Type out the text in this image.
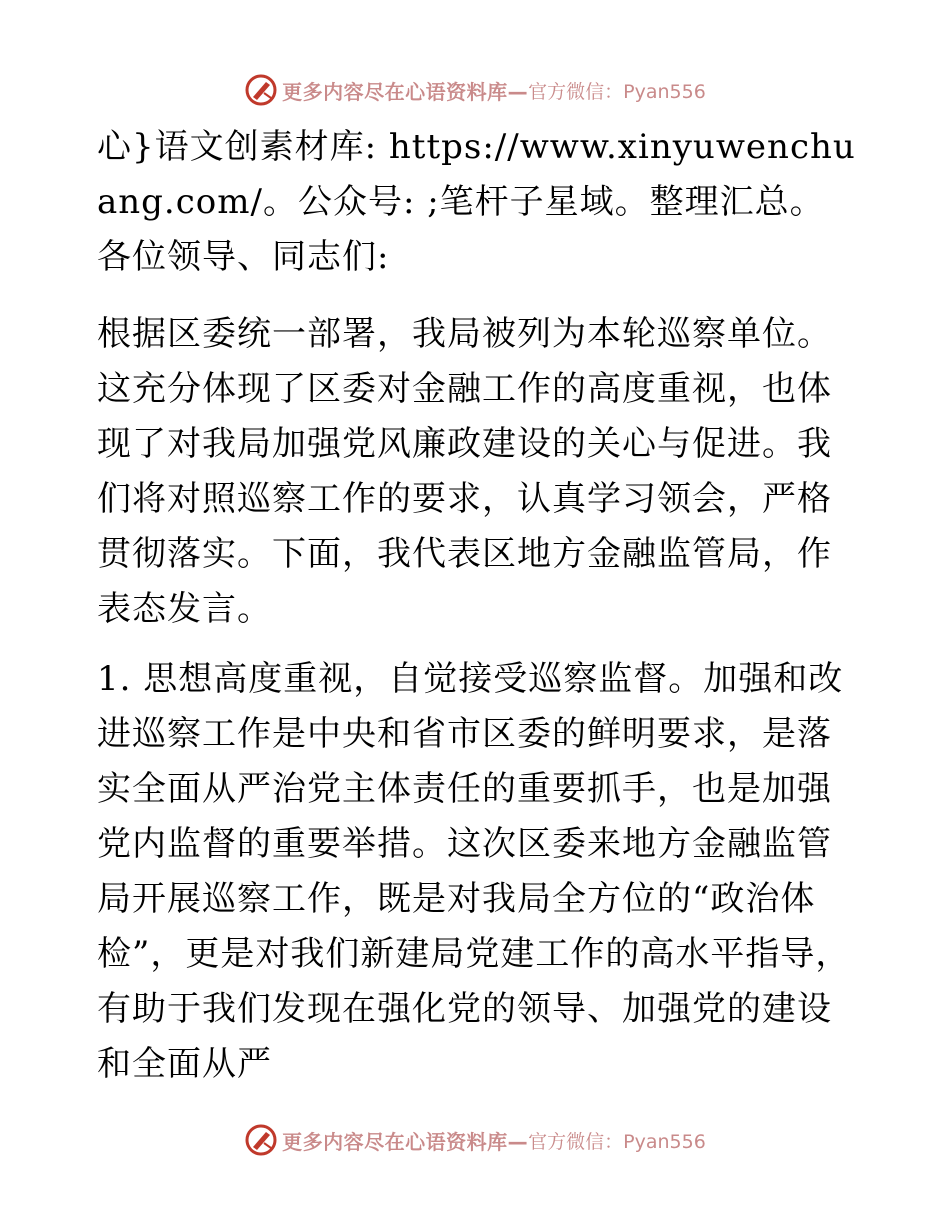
更多内容尽在心语资料库— 官方微信：Pyan556

心}语文创素材库: https://www.xinyuwenchuang.com/。公众号: ;笔杆子星域。整理汇总。各位领导、同志们:

根据区委统一部署，我局被列为本轮巡察单位。这充分体现了区委对金融工作的高度重视，也体现了对我局加强党风廉政建设的关心与促进。我们将对照巡察工作的要求，认真学习领会，严格贯彻落实。下面，我代表区地方金融监管局，作表态发言。

1. 思想高度重视，自觉接受巡察监督。加强和改进巡察工作是中央和省市区委的鲜明要求，是落实全面从严治党主体责任的重要抓手，也是加强党内监督的重要举措。这次区委来地方金融监管局开展巡察工作，既是对我局全方位的“政治体检”，更是对我们新建局党建工作的高水平指导，有助于我们发现在强化党的领导、加强党的建设和全面从严

更多内容尽在心语资料库— 官方微信：Pyan556
